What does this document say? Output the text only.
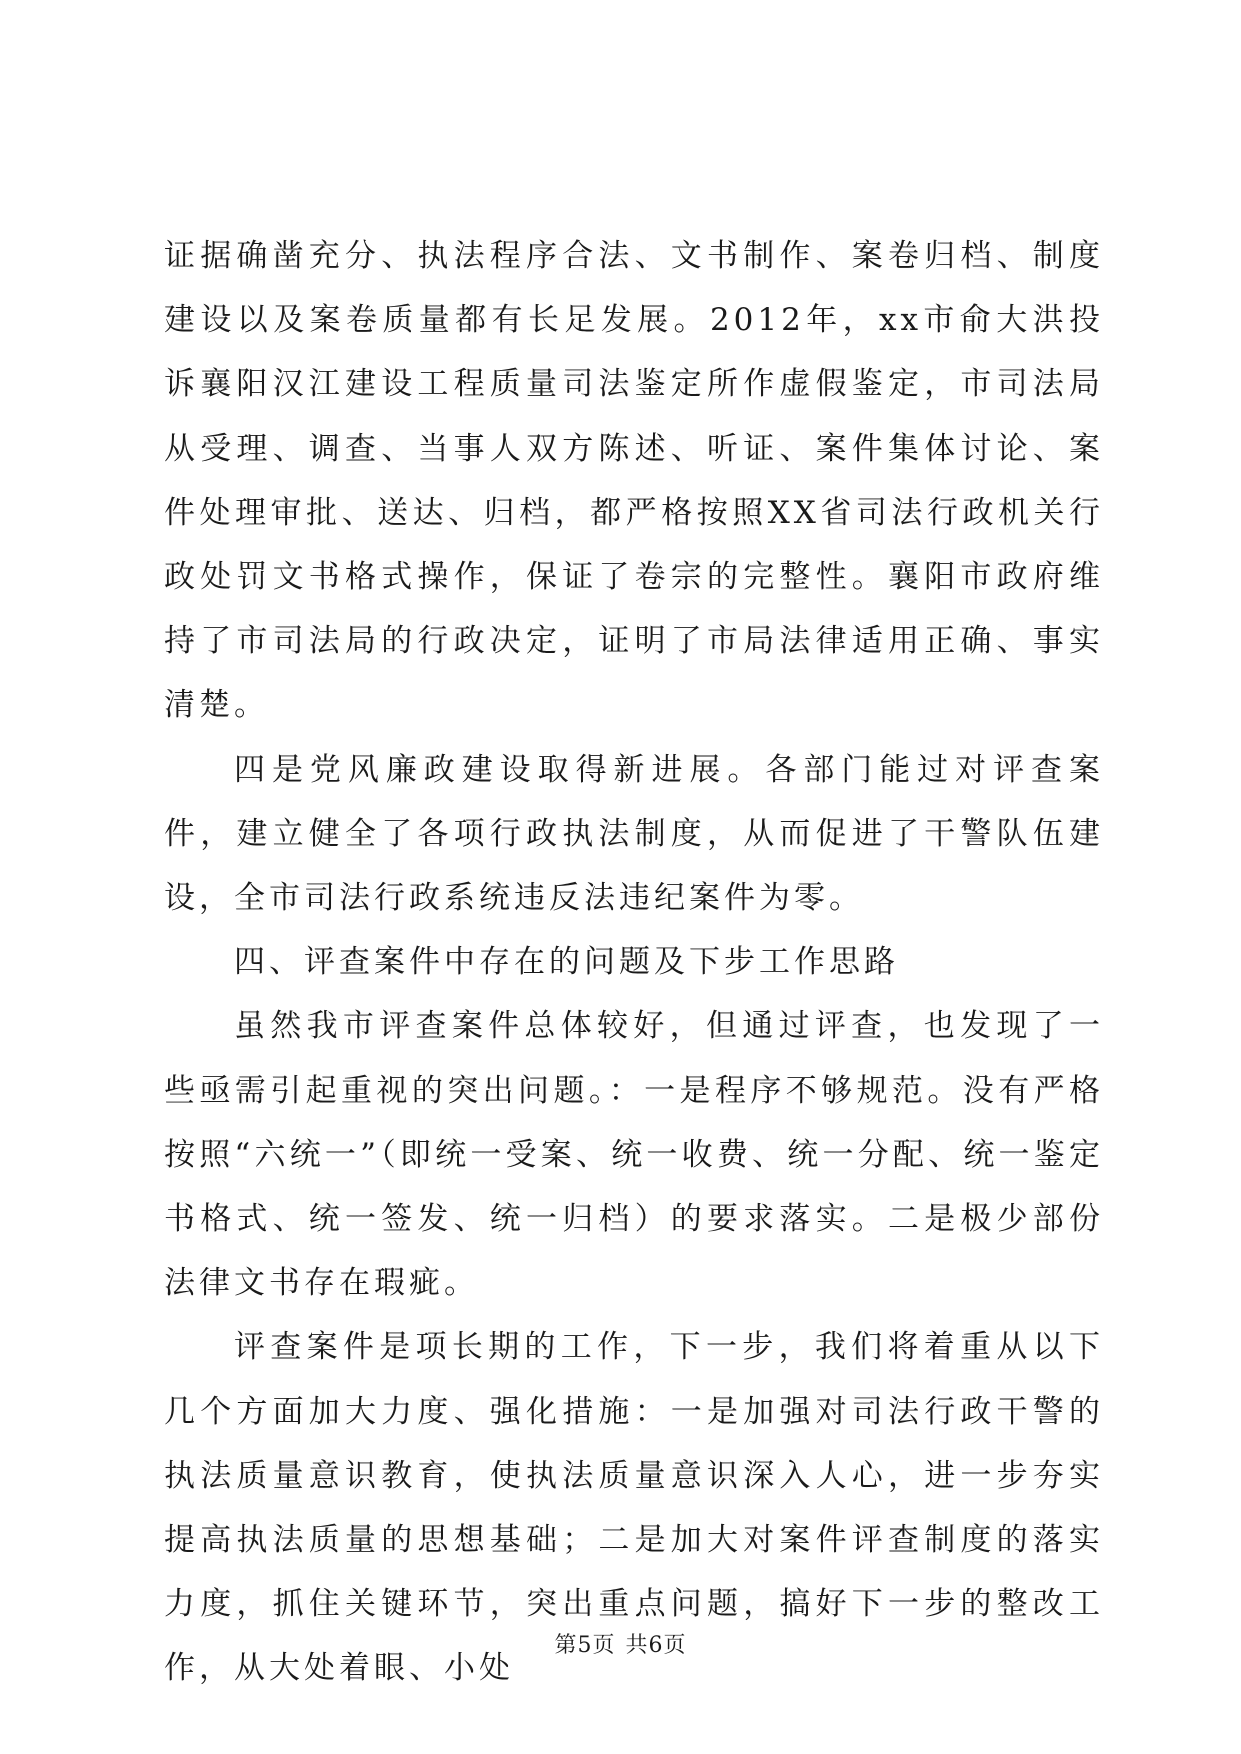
证据确凿充分、执法程序合法、文书制作、案卷归档、制度建设以及案卷质量都有长足发展。2012年，xx市俞大洪投诉襄阳汉江建设工程质量司法鉴定所作虚假鉴定，市司法局从受理、调查、当事人双方陈述、听证、案件集体讨论、案件处理审批、送达、归档，都严格按照XX省司法行政机关行政处罚文书格式操作，保证了卷宗的完整性。襄阳市政府维持了市司法局的行政决定，证明了市局法律适用正确、事实清楚。

四是党风廉政建设取得新进展。各部门能过对评查案件，建立健全了各项行政执法制度，从而促进了干警队伍建设，全市司法行政系统违反法违纪案件为零。

四、评查案件中存在的问题及下步工作思路

虽然我市评查案件总体较好，但通过评查，也发现了一些亟需引起重视的突出问题。：一是程序不够规范。没有严格按照“六统一”（即统一受案、统一收费、统一分配、统一鉴定书格式、统一签发、统一归档）的要求落实。二是极少部份法律文书存在瑕疵。

评查案件是项长期的工作，下一步，我们将着重从以下几个方面加大力度、强化措施：一是加强对司法行政干警的执法质量意识教育，使执法质量意识深入人心，进一步夯实提高执法质量的思想基础；二是加大对案件评查制度的落实力度，抓住关键环节，突出重点问题，搞好下一步的整改工作，从大处着眼、小处

第5页 共6页
